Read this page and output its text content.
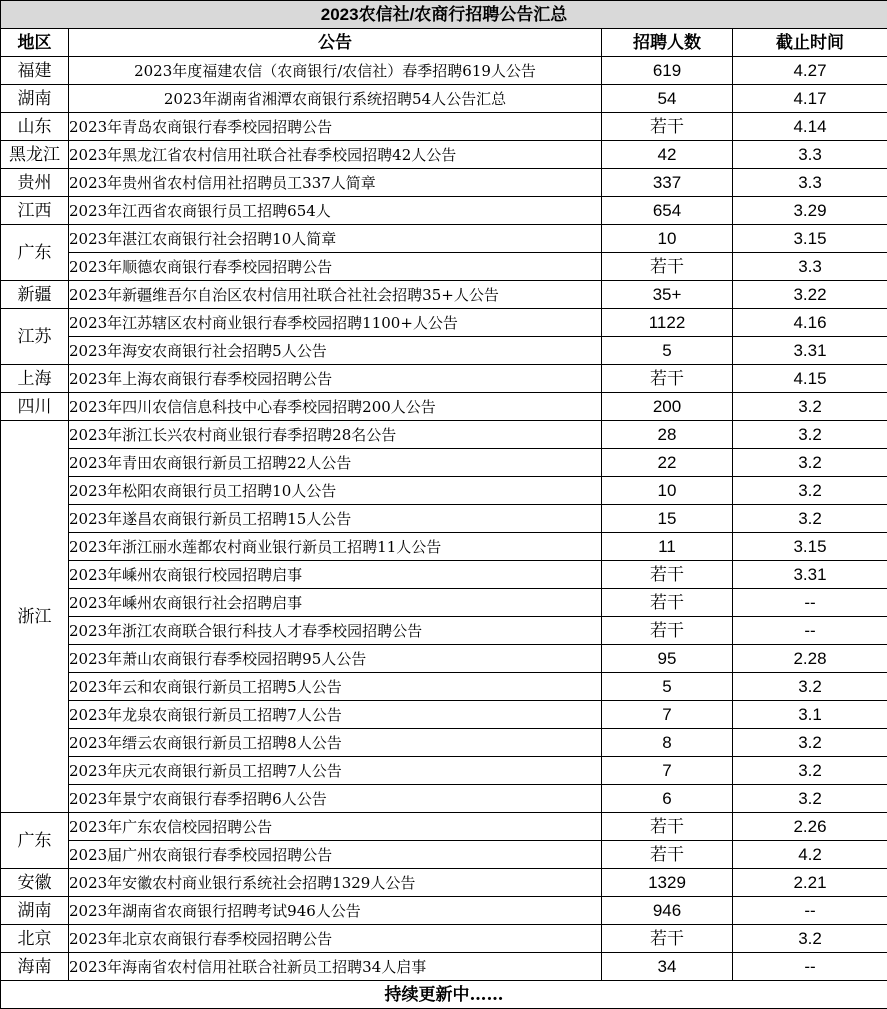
2023农信社/农商行招聘公告汇总			
地区	公告	招聘人数	截止时间
福建	2023年度福建农信（农商银行/农信社）春季招聘619人公告	619	4.27
湖南	2023年湖南省湘潭农商银行系统招聘54人公告汇总	54	4.17
山东	2023年青岛农商银行春季校园招聘公告	若干	4.14
黑龙江	2023年黑龙江省农村信用社联合社春季校园招聘42人公告	42	3.3
贵州	2023年贵州省农村信用社招聘员工337人简章	337	3.3
江西	2023年江西省农商银行员工招聘654人	654	3.29
广东	2023年湛江农商银行社会招聘10人简章	10	3.15
	2023年顺德农商银行春季校园招聘公告	若干	3.3
新疆	2023年新疆维吾尔自治区农村信用社联合社社会招聘35+人公告	35+	3.22
江苏	2023年江苏辖区农村商业银行春季校园招聘1100+人公告	1122	4.16
	2023年海安农商银行社会招聘5人公告	5	3.31
上海	2023年上海农商银行春季校园招聘公告	若干	4.15
四川	2023年四川农信信息科技中心春季校园招聘200人公告	200	3.2
浙江	2023年浙江长兴农村商业银行春季招聘28名公告	28	3.2
	2023年青田农商银行新员工招聘22人公告	22	3.2
	2023年松阳农商银行员工招聘10人公告	10	3.2
	2023年遂昌农商银行新员工招聘15人公告	15	3.2
	2023年浙江丽水莲都农村商业银行新员工招聘11人公告	11	3.15
	2023年嵊州农商银行校园招聘启事	若干	3.31
	2023年嵊州农商银行社会招聘启事	若干	--
	2023年浙江农商联合银行科技人才春季校园招聘公告	若干	--
	2023年萧山农商银行春季校园招聘95人公告	95	2.28
	2023年云和农商银行新员工招聘5人公告	5	3.2
	2023年龙泉农商银行新员工招聘7人公告	7	3.1
	2023年缙云农商银行新员工招聘8人公告	8	3.2
	2023年庆元农商银行新员工招聘7人公告	7	3.2
	2023年景宁农商银行春季招聘6人公告	6	3.2
广东	2023年广东农信校园招聘公告	若干	2.26
	2023届广州农商银行春季校园招聘公告	若干	4.2
安徽	2023年安徽农村商业银行系统社会招聘1329人公告	1329	2.21
湖南	2023年湖南省农商银行招聘考试946人公告	946	--
北京	2023年北京农商银行春季校园招聘公告	若干	3.2
海南	2023年海南省农村信用社联合社新员工招聘34人启事	34	--
持续更新中……			
